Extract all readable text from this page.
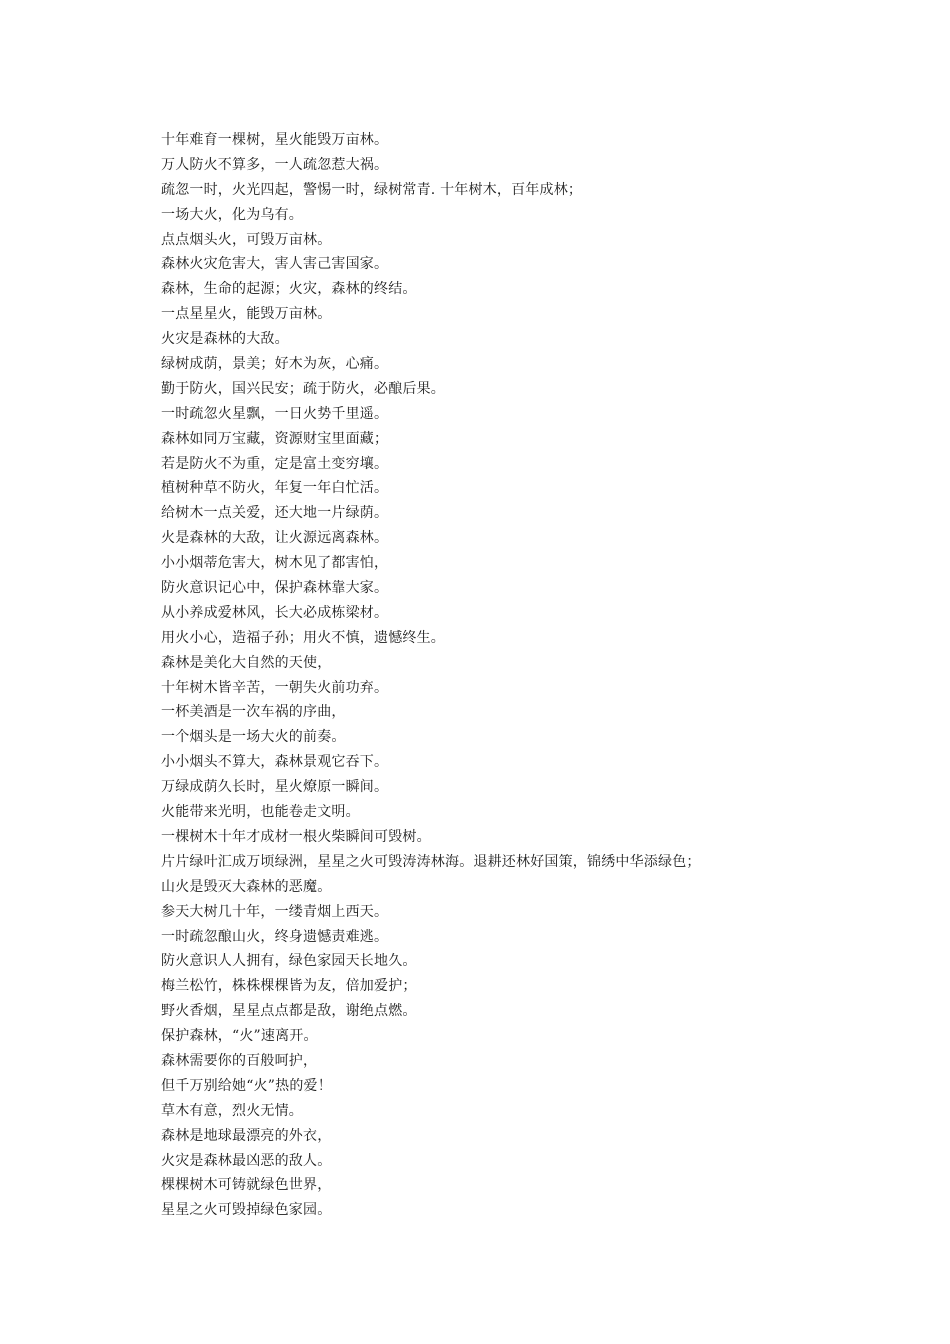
十年难育一棵树，星火能毁万亩林。
万人防火不算多，一人疏忽惹大祸。
疏忽一时，火光四起，警惕一时，绿树常青. 十年树木，百年成林；
一场大火，化为乌有。
点点烟头火，可毁万亩林。
森林火灾危害大，害人害己害国家。
森林，生命的起源；火灾，森林的终结。
一点星星火，能毁万亩林。
火灾是森林的大敌。
绿树成荫，景美；好木为灰，心痛。
勤于防火，国兴民安；疏于防火，必酿后果。
一时疏忽火星飘，一日火势千里遥。
森林如同万宝藏，资源财宝里面藏；
若是防火不为重，定是富土变穷壤。
植树种草不防火，年复一年白忙活。
给树木一点关爱，还大地一片绿荫。
火是森林的大敌，让火源远离森林。
小小烟蒂危害大，树木见了都害怕，
防火意识记心中，保护森林靠大家。
从小养成爱林风，长大必成栋梁材。
用火小心，造福子孙；用火不慎，遗憾终生。
森林是美化大自然的天使，
十年树木皆辛苦，一朝失火前功弃。
一杯美酒是一次车祸的序曲，
一个烟头是一场大火的前奏。
小小烟头不算大，森林景观它吞下。
万绿成荫久长时，星火燎原一瞬间。
火能带来光明，也能卷走文明。
一棵树木十年才成材一根火柴瞬间可毁树。
片片绿叶汇成万顷绿洲，星星之火可毁涛涛林海。退耕还林好国策，锦绣中华添绿色；
山火是毁灭大森林的恶魔。
参天大树几十年，一缕青烟上西天。
一时疏忽酿山火，终身遗憾责难逃。
防火意识人人拥有，绿色家园天长地久。
梅兰松竹，株株棵棵皆为友，倍加爱护；
野火香烟，星星点点都是敌，谢绝点燃。
保护森林，“火”速离开。
森林需要你的百般呵护，
但千万别给她“火”热的爱！
草木有意，烈火无情。
森林是地球最漂亮的外衣，
火灾是森林最凶恶的敌人。
棵棵树木可铸就绿色世界，
星星之火可毁掉绿色家园。
